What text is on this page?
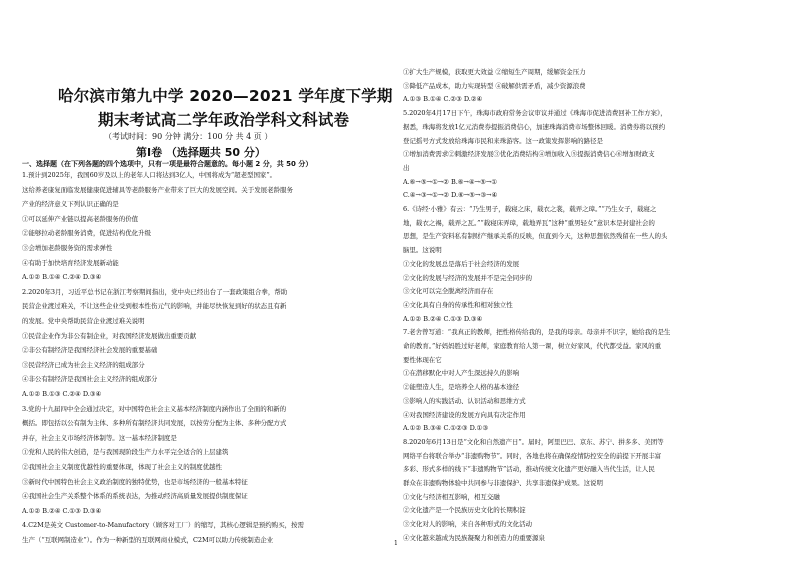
哈尔滨市第九中学 2020—2021 学年度下学期
期末考试高二学年政治学科文科试卷
（考试时间：90 分钟 满分：100 分 共 4 页 ）
第Ⅰ卷 （选择题共 50 分）
一、选择题（在下列各题的四个选项中，只有一项是最符合题意的。每小题 2 分，共 50 分）
1.预计到2025年，我国60岁及以上的老年人口将达到3亿人，中国将成为“超老型国家”。
这给养老康复面临发展健康促进辅具等老龄服务产业带来了巨大的发展空间。关于发展老龄服务
产业的经济意义下列认识正确的是
①可以延伸产业链以提高老龄服务的价值
②能够拉动老龄服务消费，促进结构优化升级
③会增加老龄服务资的需求弹性
④有助于加快培育经济发展新动能
A.①② B.①④ C.②④ D.③④
2.2020年3月，习近平总书记在浙江考察期间指出，党中央已经出台了一套政策组合拳，帮助
民营企业渡过难关，不让这些企业受到根本性伤元气的影响，并能尽快恢复到好的状态且有新
的发展。党中央帮助民营企业渡过难关说明
①民营企业作为非公有制企业，对我国经济发展做出重要贡献
②非公有制经济是我国经济社会发展的重要基础
③民营经济已成为社会主义经济的组成部分
④非公有制经济是我国社会主义经济的组成部分
A.①② B.①③ C.②④ D.③④
3.党的十九届四中全会通过决定，对中国特色社会主义基本经济制度内涵作出了全面的和新的
概括。即包括以公有制为主体、多种所有制经济共同发展，以按劳分配为主体、多种分配方式
并存，社会主义市场经济体制等。这一基本经济制度是
①党和人民的伟大创造，是与我国现阶段生产力水平完全适合的上层建筑
②我国社会主义制度优越性的重要体现，体现了社会主义的制度优越性
③新时代中国特色社会主义政治制度的独特优势，也是市场经济的一般基本特征
④我国社会生产关系整个体系的系统表达，为推动经济高质量发展提供制度保证
A.①② B.②④ C.①③ D.③④
4.C2M是英文 Customer-to-Manufactory（顾客对工厂）的缩写，其核心逻辑是预约购买，按需
生产（“互联网制造业”）。作为一种新型的互联网商业模式，C2M可以助力传统制造企业
①扩大生产规模，获取更大效益 ②缩短生产周期，缓解资金压力
③降低产品成本，助力实现转型 ④破解供需矛盾，减少资源浪费
A.①③ B.①④ C.②③ D.②④
5.2020年4月17日下午，珠海市政府常务会议审议并通过《珠海市促进消费回补工作方案》，
据悉，珠海将发放1亿元消费券提振消费信心，加速珠海消费市场整体回暖。消费券将以预约
登记摇号方式发放给珠海市民和来珠游客。这一政策发挥影响的路径是
①增加消费需求②刺激经济发展③优化消费结构④增加收入⑤提振消费信心⑥增加财政支
出
A.⑥→⑤→①→② B.⑥→④→⑤→①
C.④→③→①→② D.⑥→⑤→③→④
6.《诗经·小雅》有云：“乃生男子，载寝之床，载衣之裳，载弄之璋。”“乃生女子，载寝之
地，载衣之裼，载弄之瓦。”“载寝床弄璋，载地弄瓦”这种“重男轻女”意识本是封建社会的
思想，是生产资料私有制财产继承关系的反映，但直到今天，这种思想依然残留在一些人的头
脑里。这说明
①文化的发展总是落后于社会经济的发展
②文化的发展与经济的发展并不是完全同步的
③文化可以完全脱离经济而存在
④文化具有自身的传承性和相对独立性
A.①② B.②④ C.①③ D.③④
7.老舍曾写道：“我真正的教师，把性格传给我的，是我的母亲。母亲并不识字，她给我的是生
命的教育。”好妈妈胜过好老师，家庭教育给人第一课，树立好家风，代代都受益。家风的重
要性体现在它
①在潜移默化中对人产生深远持久的影响
②能塑造人生，是培养全人格的基本途径
③影响人的实践活动、认识活动和思维方式
④对我国经济建设的发展方向具有决定作用
A.①② B.③④ C.①②③ D.①③
8.2020年6月13日是“文化和自然遗产日”。届时，阿里巴巴、京东、苏宁、拼多多、美团等
网络平台将联合举办“非遗购物节”。同时，各地也将在确保疫情防控安全的前提下开展丰富
多彩、形式多样的线下“非遗购物节”活动，推动传统文化遗产更好融入当代生活，让人民
群众在非遗购物体验中共同参与非遗保护、共享非遗保护成果。这说明
①文化与经济相互影响，相互交融
②文化遗产是一个民族历史文化的长期积淀
③文化对人的影响，来自各种形式的文化活动
④文化越来越成为民族凝聚力和创造力的重要源泉
1
